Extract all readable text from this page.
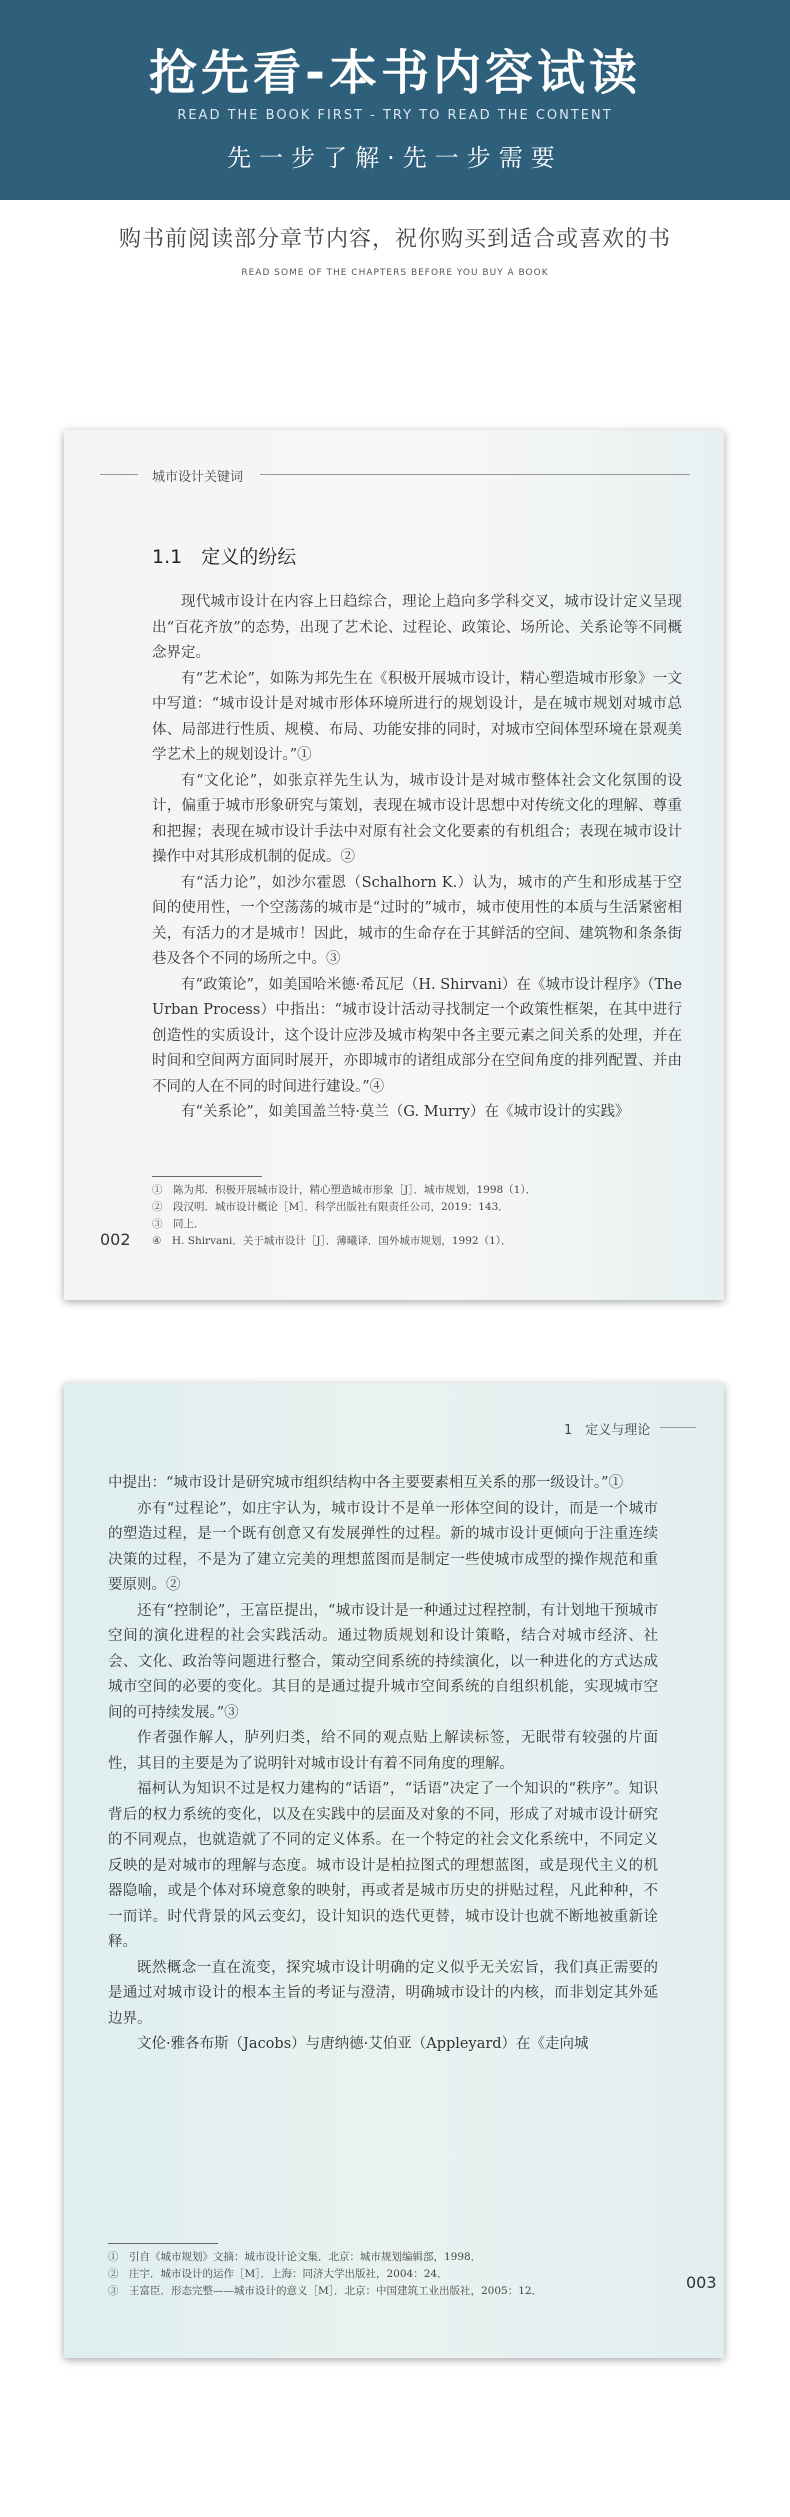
抢先看-本书内容试读
READ THE BOOK FIRST - TRY TO READ THE CONTENT
先一步了解·先一步需要
购书前阅读部分章节内容，祝你购买到适合或喜欢的书
READ SOME OF THE CHAPTERS BEFORE YOU BUY A BOOK
城市设计关键词
1.1　定义的纷纭

现代城市设计在内容上日趋综合，理论上趋向多学科交叉，城市设计定义呈现出“百花齐放”的态势，出现了艺术论、过程论、政策论、场所论、关系论等不同概念界定。

有“艺术论”，如陈为邦先生在《积极开展城市设计，精心塑造城市形象》一文中写道：“城市设计是对城市形体环境所进行的规划设计，是在城市规划对城市总体、局部进行性质、规模、布局、功能安排的同时，对城市空间体型环境在景观美学艺术上的规划设计。”①

有“文化论”，如张京祥先生认为，城市设计是对城市整体社会文化氛围的设计，偏重于城市形象研究与策划，表现在城市设计思想中对传统文化的理解、尊重和把握；表现在城市设计手法中对原有社会文化要素的有机组合；表现在城市设计操作中对其形成机制的促成。②

有“活力论”，如沙尔霍恩（Schalhorn K.）认为，城市的产生和形成基于空间的使用性，一个空荡荡的城市是“过时的”城市，城市使用性的本质与生活紧密相关，有活力的才是城市！因此，城市的生命存在于其鲜活的空间、建筑物和条条街巷及各个不同的场所之中。③

有“政策论”，如美国哈米德·希瓦尼（H. Shirvani）在《城市设计程序》（The Urban Process）中指出：“城市设计活动寻找制定一个政策性框架，在其中进行创造性的实质设计，这个设计应涉及城市构架中各主要元素之间关系的处理，并在时间和空间两方面同时展开，亦即城市的诸组成部分在空间角度的排列配置、并由不同的人在不同的时间进行建设。”④

有“关系论”，如美国盖兰特·莫兰（G. Murry）在《城市设计的实践》

①　陈为邦．积极开展城市设计，精心塑造城市形象［J］．城市规划，1998（1）．
②　段汉明．城市设计概论［M］．科学出版社有限责任公司，2019：143．
③　同上．
④　H. Shirvani．关于城市设计［J］．薄曦译．国外城市规划，1992（1）．
002
1　定义与理论

中提出：“城市设计是研究城市组织结构中各主要要素相互关系的那一级设计。”①

亦有“过程论”，如庄宇认为，城市设计不是单一形体空间的设计，而是一个城市的塑造过程，是一个既有创意又有发展弹性的过程。新的城市设计更倾向于注重连续决策的过程，不是为了建立完美的理想蓝图而是制定一些使城市成型的操作规范和重要原则。②

还有“控制论”，王富臣提出，“城市设计是一种通过过程控制，有计划地干预城市空间的演化进程的社会实践活动。通过物质规划和设计策略，结合对城市经济、社会、文化、政治等问题进行整合，策动空间系统的持续演化，以一种进化的方式达成城市空间的必要的变化。其目的是通过提升城市空间系统的自组织机能，实现城市空间的可持续发展。”③

作者强作解人，胪列归类，给不同的观点贴上解读标签，无眠带有较强的片面性，其目的主要是为了说明针对城市设计有着不同角度的理解。

福柯认为知识不过是权力建构的“话语”，“话语”决定了一个知识的“秩序”。知识背后的权力系统的变化，以及在实践中的层面及对象的不同，形成了对城市设计研究的不同观点，也就造就了不同的定义体系。在一个特定的社会文化系统中，不同定义反映的是对城市的理解与态度。城市设计是柏拉图式的理想蓝图，或是现代主义的机器隐喻，或是个体对环境意象的映射，再或者是城市历史的拼贴过程，凡此种种，不一而详。时代背景的风云变幻，设计知识的迭代更替，城市设计也就不断地被重新诠释。

既然概念一直在流变，探究城市设计明确的定义似乎无关宏旨，我们真正需要的是通过对城市设计的根本主旨的考证与澄清，明确城市设计的内核，而非划定其外延边界。

文伦·雅各布斯（Jacobs）与唐纳德·艾伯亚（Appleyard）在《走向城

①　引自《城市规划》文摘：城市设计论文集．北京：城市规划编辑部，1998．
②　庄宇．城市设计的运作［M］．上海：同济大学出版社，2004：24．
③　王富臣．形态完整——城市设计的意义［M］．北京：中国建筑工业出版社，2005：12．	003
